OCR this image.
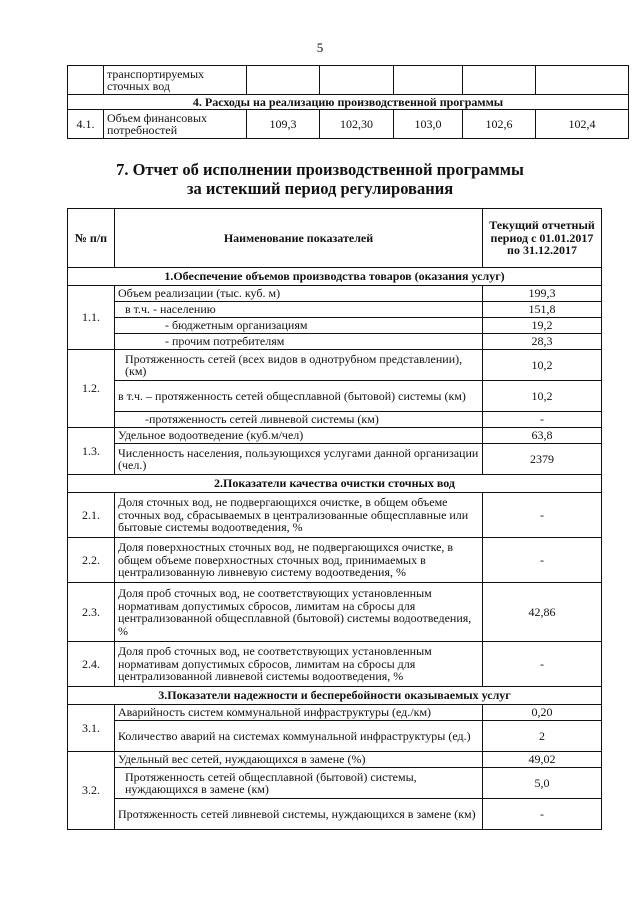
5
	транспортируемых сточных вод					
4. Расходы на реализацию производственной программы						
4.1.	Объем финансовых потребностей	109,3	102,30	103,0	102,6	102,4
7. Отчет об исполнении производственной программы
за истекший период регулирования
№ п/п	Наименование показателей	Текущий отчетный период с 01.01.2017 по 31.12.2017
1.Обеспечение объемов производства товаров (оказания услуг)		
1.1.	Объем реализации (тыс. куб. м)	199,3
	в т.ч. - населению	151,8
	- бюджетным организациям	19,2
	- прочим потребителям	28,3
1.2.	Протяженность сетей (всех видов в однотрубном представлении), (км)	10,2
	в т.ч. – протяженность сетей общесплавной (бытовой) системы (км)	10,2
	-протяженность сетей ливневой системы (км)	-
1.3.	Удельное водоотведение (куб.м/чел)	63,8
	Численность населения, пользующихся услугами данной организации (чел.)	2379
2.Показатели качества очистки сточных вод		
2.1.	Доля сточных вод, не подвергающихся очистке, в общем объеме сточных вод, сбрасываемых в централизованные общесплавные или бытовые системы водоотведения, %	-
2.2.	Доля поверхностных сточных вод, не подвергающихся очистке, в общем объеме поверхностных сточных вод, принимаемых в централизованную ливневую систему водоотведения, %	-
2.3.	Доля проб сточных вод, не соответствующих установленным нормативам допустимых сбросов, лимитам на сбросы для централизованной общесплавной (бытовой) системы водоотведения, %	42,86
2.4.	Доля проб сточных вод, не соответствующих установленным нормативам допустимых сбросов, лимитам на сбросы для централизованной ливневой системы водоотведения, %	-
3.Показатели надежности и бесперебойности оказываемых услуг		
3.1.	Аварийность систем коммунальной инфраструктуры (ед./км)	0,20
	Количество аварий на системах коммунальной инфраструктуры (ед.)	2
3.2.	Удельный вес сетей, нуждающихся в замене (%)	49,02
	Протяженность сетей общесплавной (бытовой) системы, нуждающихся в замене (км)	5,0
	Протяженность сетей ливневой системы, нуждающихся в замене (км)	-
